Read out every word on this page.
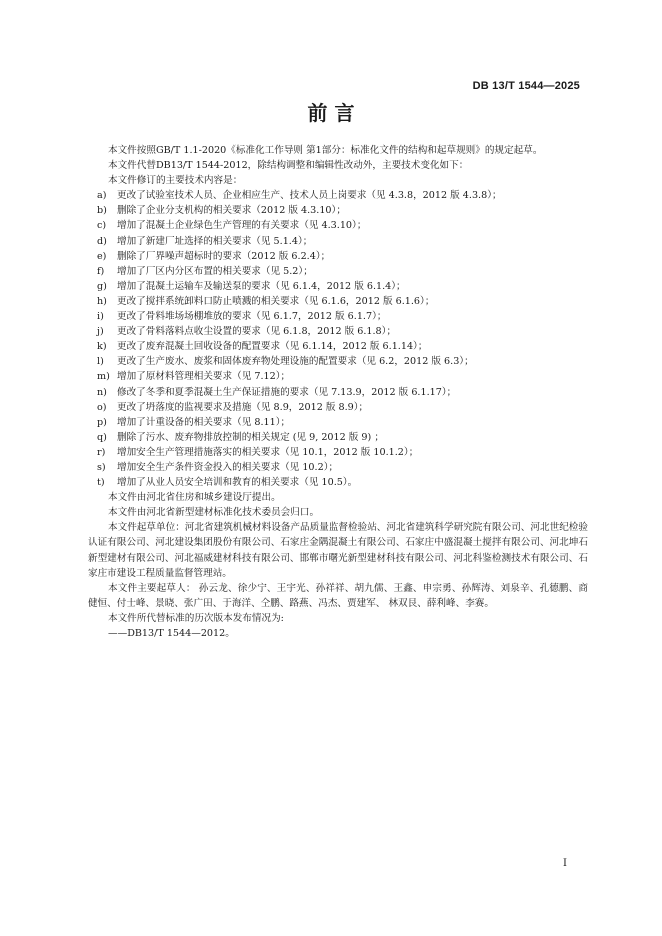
DB 13/T 1544—2025
前 言

本文件按照GB/T 1.1-2020《标准化工作导则 第1部分：标准化文件的结构和起草规则》的规定起草。

本文件代替DB13/T 1544-2012，除结构调整和编辑性改动外，主要技术变化如下：

本文件修订的主要技术内容是：

a)	更改了试验室技术人员、企业相应生产、技术人员上岗要求（见 4.3.8，2012 版 4.3.8）；
b)	删除了企业分支机构的相关要求（2012 版 4.3.10）；
c)	增加了混凝土企业绿色生产管理的有关要求（见 4.3.10）；
d)	增加了新建厂址选择的相关要求（见 5.1.4）；
e)	删除了厂界噪声超标时的要求（2012 版 6.2.4）；
f)	增加了厂区内分区布置的相关要求（见 5.2）；
g)	增加了混凝土运输车及输送泵的要求（见 6.1.4，2012 版 6.1.4）；
h)	更改了搅拌系统卸料口防止喷溅的相关要求（见 6.1.6，2012 版 6.1.6）；
i)	更改了骨料堆场场棚堆放的要求（见 6.1.7，2012 版 6.1.7）；
j)	更改了骨料落料点收尘设置的要求（见 6.1.8，2012 版 6.1.8）；
k)	更改了废弃混凝土回收设备的配置要求（见 6.1.14，2012 版 6.1.14）；
l)	更改了生产废水、废浆和固体废弃物处理设施的配置要求（见 6.2，2012 版 6.3）；
m) 增加了原材料管理相关要求（见 7.12）；
n)	修改了冬季和夏季混凝土生产保证措施的要求（见 7.13.9，2012 版 6.1.17）；
o)	更改了坍落度的监视要求及措施（见 8.9，2012 版 8.9）；
p)	增加了计重设备的相关要求（见 8.11）；
q)	删除了污水、废弃物排放控制的相关规定 (见 9, 2012 版 9) ；
r)	增加安全生产管理措施落实的相关要求（见 10.1，2012 版 10.1.2）；
s)	增加安全生产条件资金投入的相关要求（见 10.2）；
t)	增加了从业人员安全培训和教育的相关要求（见 10.5）。

本文件由河北省住房和城乡建设厅提出。

本文件由河北省新型建材标准化技术委员会归口。

本文件起草单位：河北省建筑机械材料设备产品质量监督检验站、河北省建筑科学研究院有限公司、河北世纪检验认证有限公司、河北建设集团股份有限公司、石家庄金隅混凝土有限公司、石家庄中盛混凝土搅拌有限公司、河北坤石新型建材有限公司、河北福威建材科技有限公司、邯郸市曙光新型建材科技有限公司、河北科鉴检测技术有限公司、石家庄市建设工程质量监督管理站。

本文件主要起草人： 孙云龙、徐少宁、王宇光、孙祥祥、胡九儒、王鑫、申宗勇、孙辉涛、刘泉辛、孔德鹏、商健恒、付士峰、景晓、张广田、于海洋、仝鹏、路燕、冯杰、贾建军、 林双艮、薛利峰、李赛。

本文件所代替标准的历次版本发布情况为:

——DB13/T 1544—2012。

I
